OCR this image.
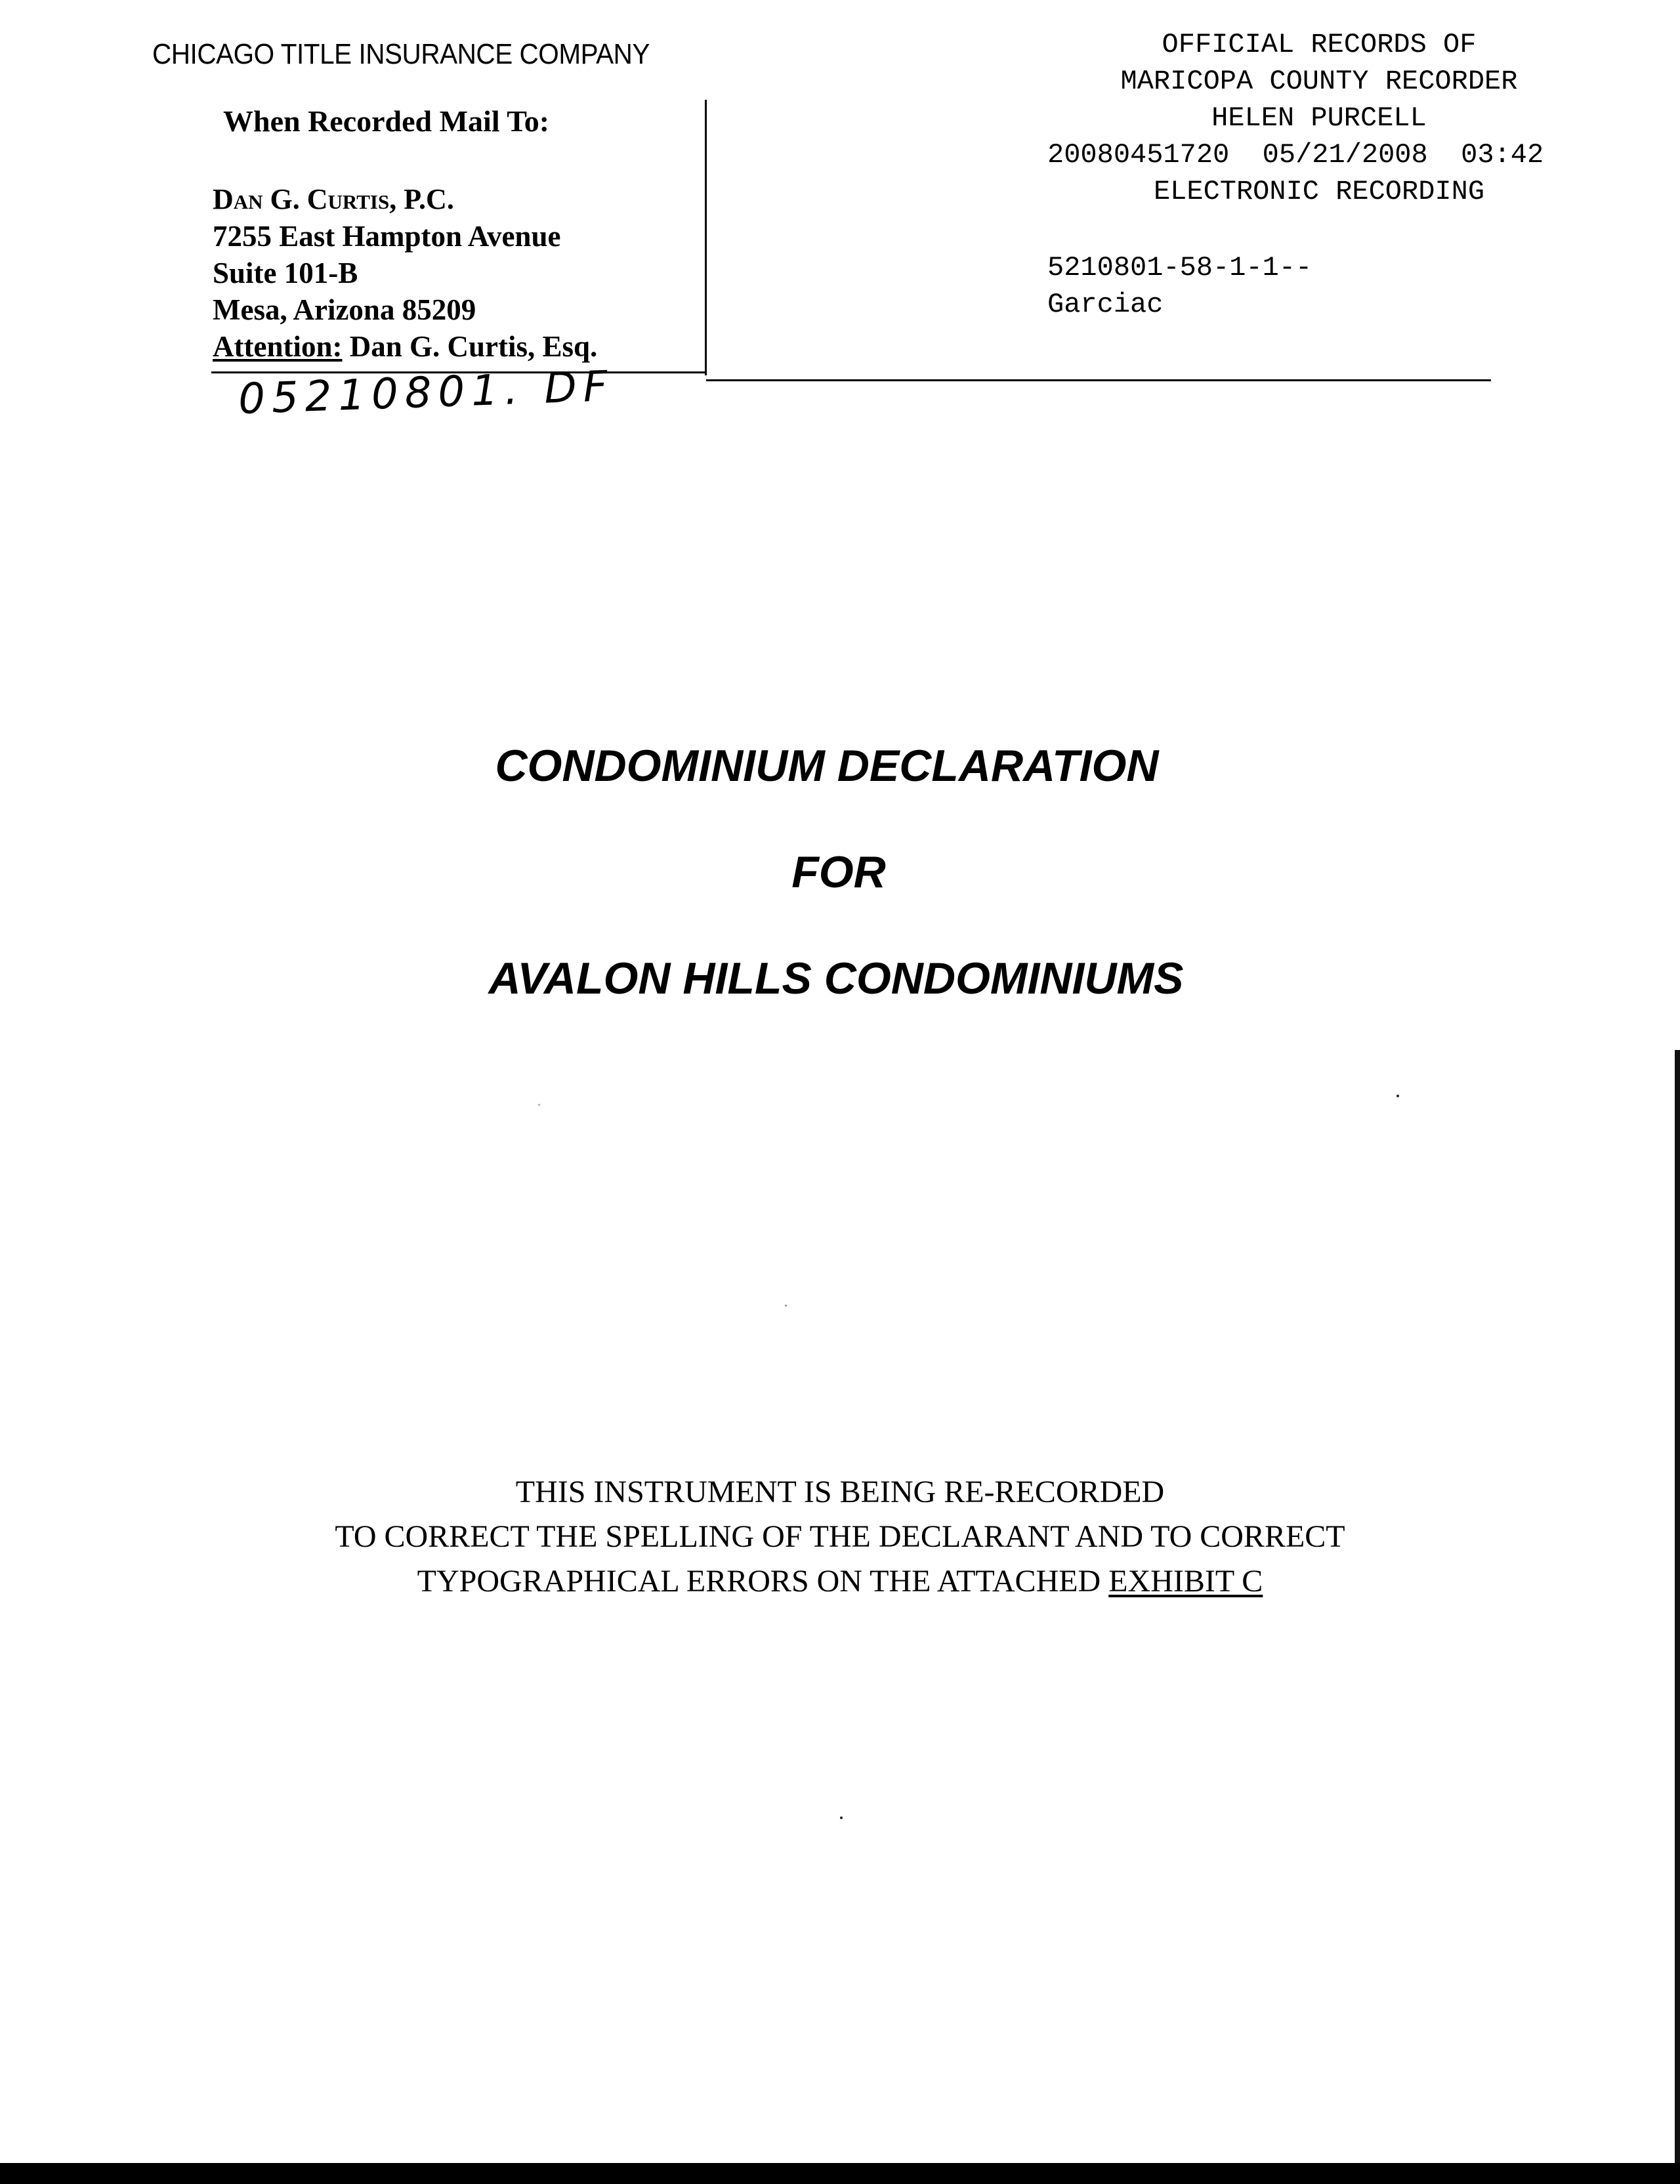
CHICAGO TITLE INSURANCE COMPANY
When Recorded Mail To:
Dan G. Curtis, P.C.
7255 East Hampton Avenue
Suite 101-B
Mesa, Arizona 85209
Attention: Dan G. Curtis, Esq.
05210801. DF
OFFICIAL RECORDS OF
MARICOPA COUNTY RECORDER
HELEN PURCELL
20080451720 05/21/2008 03:42
ELECTRONIC RECORDING
5210801-58-1-1--
Garciac
CONDOMINIUM DECLARATION
FOR
AVALON HILLS CONDOMINIUMS
THIS INSTRUMENT IS BEING RE-RECORDED
TO CORRECT THE SPELLING OF THE DECLARANT AND TO CORRECT
TYPOGRAPHICAL ERRORS ON THE ATTACHED EXHIBIT C
